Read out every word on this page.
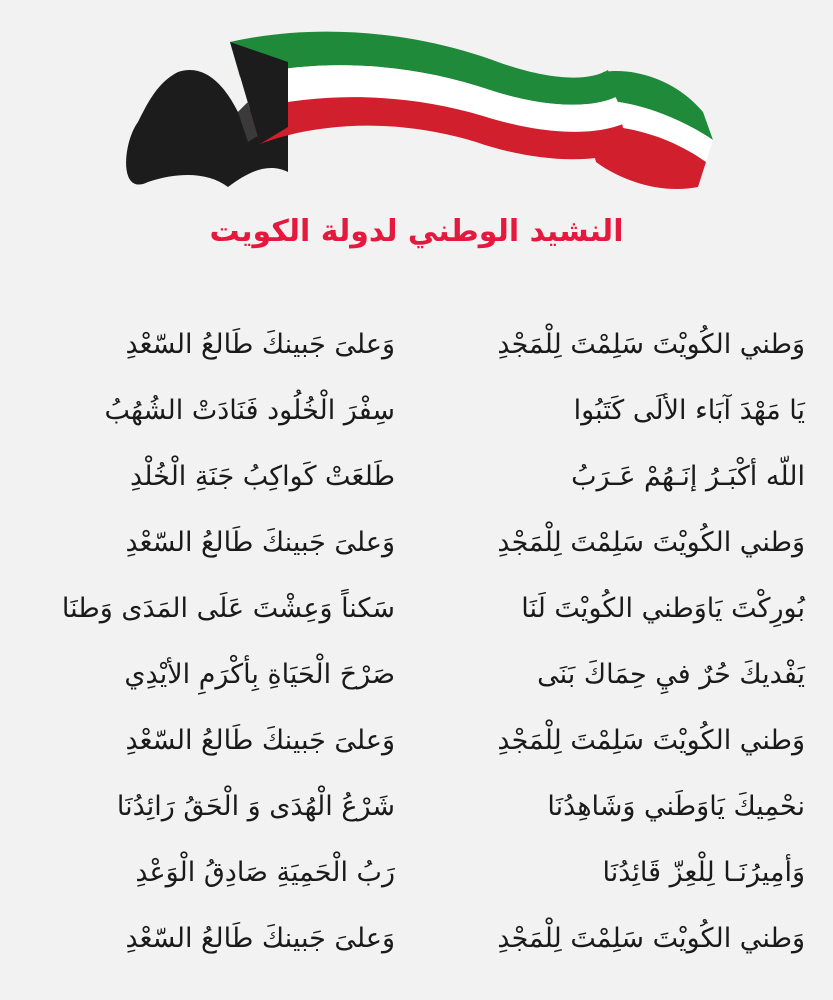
النشيد الوطني لدولة الكويت
وَطني الكُويْتَ سَلِمْتَ لِلْمَجْدِ
وَعلىَ جَبينكَ طَالعُ السّعْدِ
يَا مَهْدَ آبَاء الألَى كَتَبُوا
سِفْرَ الْخُلُود فَنَادَتْ الشُهُبُ
اللّه أكْبَـرُ إنَـهُمْ عَـرَبُ
طَلعَتْ كَواكِبُ جَنَةِ الْخُلْدِ
وَطني الكُويْتَ سَلِمْتَ لِلْمَجْدِ
وَعلىَ جَبينكَ طَالعُ السّعْدِ
بُورِكْتَ يَاوَطني الكُويْتَ لَنَا
سَكناً وَعِشْتَ عَلَى المَدَى وَطنَا
يَفْديكَ حُرٌ فيِ حِمَاكَ بَنَى
صَرْحَ الْحَيَاةِ بِأكْرَمِ الأيْدِي
وَطني الكُويْتَ سَلِمْتَ لِلْمَجْدِ
وَعلىَ جَبينكَ طَالعُ السّعْدِ
نحْمِيكَ يَاوَطَني وَشَاهِدُنَا
شَرْعُ الْهُدَى وَ الْحَقُ رَائِدُنَا
وَأمِيرُنَـا لِلْعِزّ قَائِدُنَا
رَبُ الْحَمِيَةِ صَادِقُ الْوَعْدِ
وَطني الكُويْتَ سَلِمْتَ لِلْمَجْدِ
وَعلىَ جَبينكَ طَالعُ السّعْدِ
